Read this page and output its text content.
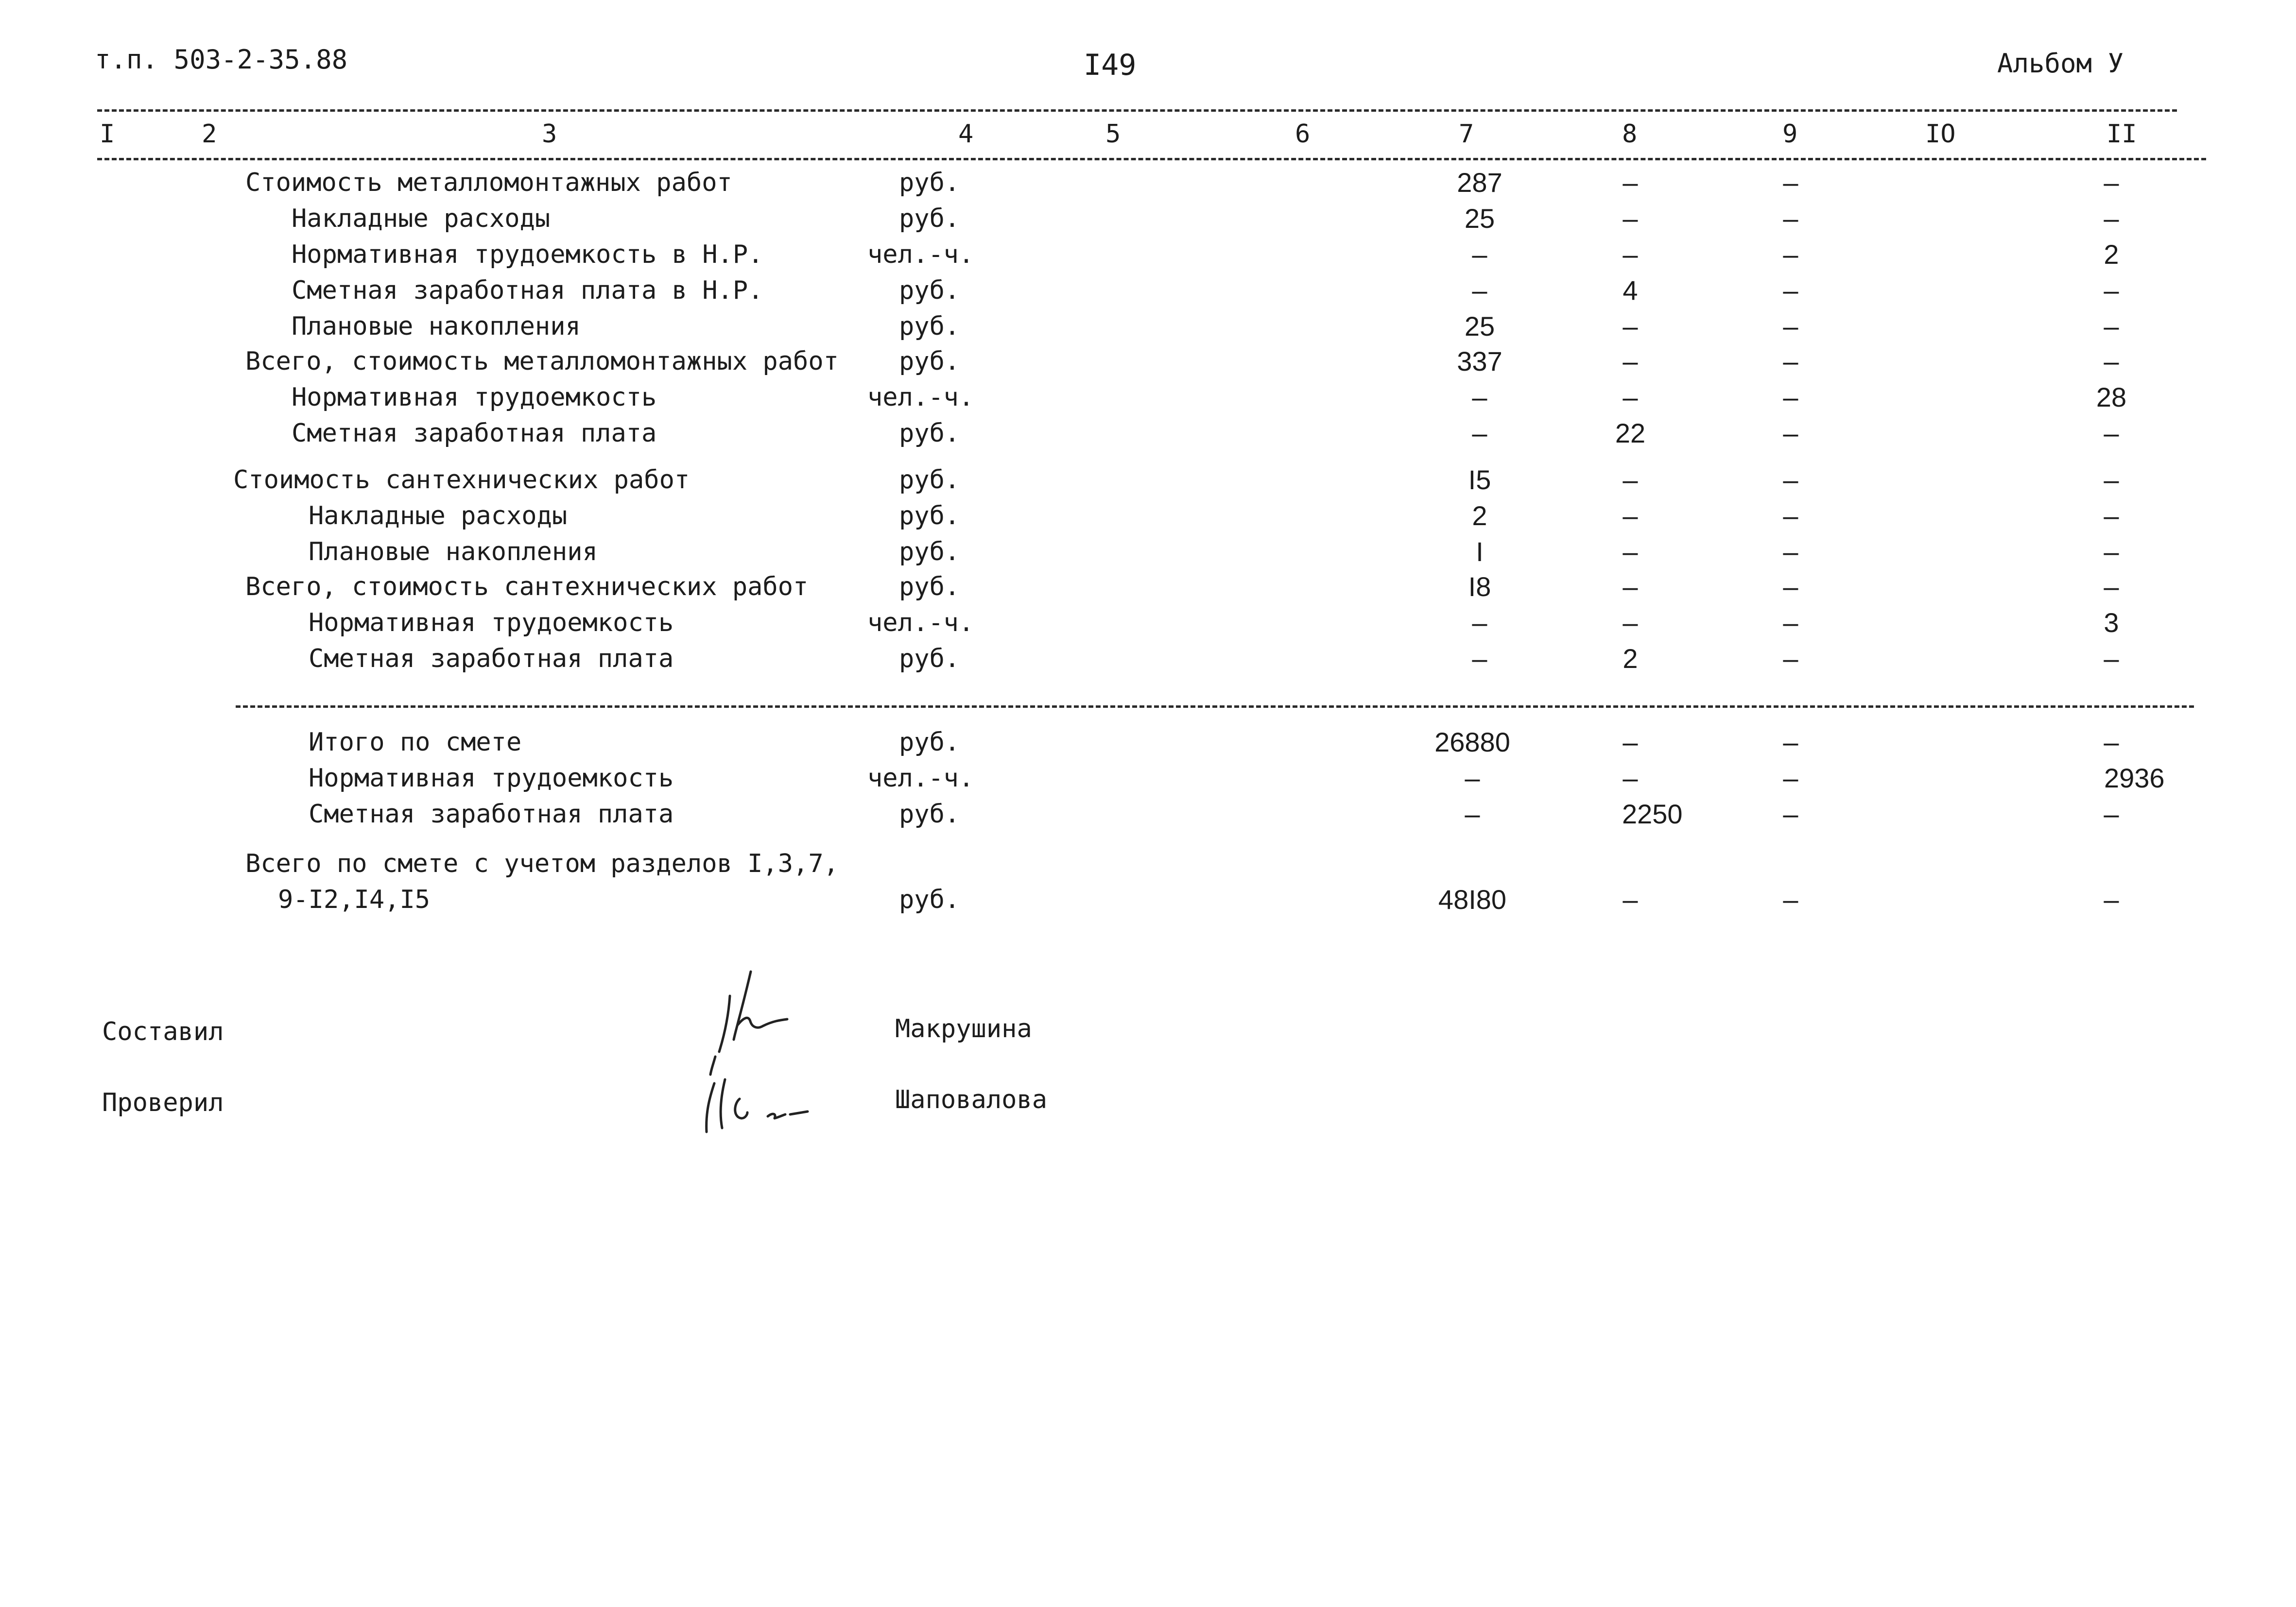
т.п. 503-2-35.88	I49	Альбом У
I	2	3	4	5	6	7	8	9	IO	II
Стоимость металломонтажных работ	руб.	287	–	–	–
Накладные расходы	руб.	25	–	–	–
Нормативная трудоемкость в Н.Р.	чел.-ч.	–	–	–	2
Сметная заработная плата в Н.Р.	руб.	–	4	–	–
Плановые накопления	руб.	25	–	–	–
Всего, стоимость металломонтажных работ руб.	337	–	–	–
Нормативная трудоемкость	чел.-ч.	–	–	–	28
Сметная заработная плата	руб.	–	22	–	–
Стоимость сантехнических работ	руб.	I5	–	–	–
Накладные расходы	руб.	2	–	–	–
Плановые накопления	руб.	I	–	–	–
Всего, стоимость сантехнических работ	руб.	I8	–	–	–
Нормативная трудоемкость	чел.-ч.	–	–	–	3
Сметная заработная плата	руб.	–	2	–	–
Итого по смете	руб.	26880	–	–	–
Нормативная трудоемкость	чел.-ч.	–	–	–	2936
Сметная заработная плата	руб.	–	2250	–	–
Всего по смете с учетом разделов I,3,7,
9-I2,I4,I5	руб.	48I80	–	–	–
Составил	Макрушина
Проверил	Шаповалова
